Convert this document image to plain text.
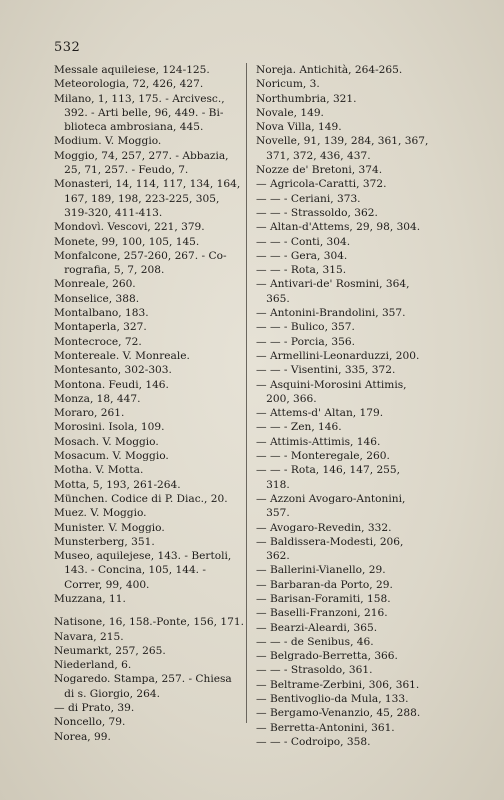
532
Messale aquileiese, 124-125.
Meteorologia, 72, 426, 427.
Milano, 1, 113, 175. - Arcivesc.,
392. - Arti belle, 96, 449. - Bi-
blioteca ambrosiana, 445.
Modium. V. Moggio.
Moggio, 74, 257, 277. - Abbazia,
25, 71, 257. - Feudo, 7.
Monasteri, 14, 114, 117, 134, 164,
167, 189, 198, 223-225, 305,
319-320, 411-413.
Mondovì. Vescovi, 221, 379.
Monete, 99, 100, 105, 145.
Monfalcone, 257-260, 267. - Co-
rografia, 5, 7, 208.
Monreale, 260.
Monselice, 388.
Montalbano, 183.
Montaperla, 327.
Montecroce, 72.
Montereale. V. Monreale.
Montesanto, 302-303.
Montona. Feudi, 146.
Monza, 18, 447.
Moraro, 261.
Morosini. Isola, 109.
Mosach. V. Moggio.
Mosacum. V. Moggio.
Motha. V. Motta.
Motta, 5, 193, 261-264.
München. Codice di P. Diac., 20.
Muez. V. Moggio.
Munister. V. Moggio.
Munsterberg, 351.
Museo, aquilejese, 143. - Bertoli,
143. - Concina, 105, 144. -
Correr, 99, 400.
Muzzana, 11.
Natisone, 16, 158.-Ponte, 156, 171.
Navara, 215.
Neumarkt, 257, 265.
Niederland, 6.
Nogaredo. Stampa, 257. - Chiesa
di s. Giorgio, 264.
— di Prato, 39.
Noncello, 79.
Norea, 99.
Noreja. Antichità, 264-265.
Noricum, 3.
Northumbria, 321.
Novale, 149.
Nova Villa, 149.
Novelle, 91, 139, 284, 361, 367,
371, 372, 436, 437.
Nozze de' Bretoni, 374.
— Agricola-Caratti, 372.
— — - Ceriani, 373.
— — - Strassoldo, 362.
— Altan-d'Attems, 29, 98, 304.
— — - Conti, 304.
— — - Gera, 304.
— — - Rota, 315.
— Antivari-de' Rosmini, 364,
365.
— Antonini-Brandolini, 357.
— — - Bulico, 357.
— — - Porcia, 356.
— Armellini-Leonarduzzi, 200.
— — - Visentini, 335, 372.
— Asquini-Morosini Attimis,
200, 366.
— Attems-d' Altan, 179.
— — - Zen, 146.
— Attimis-Attimis, 146.
— — - Monteregale, 260.
— — - Rota, 146, 147, 255,
318.
— Azzoni Avogaro-Antonini,
357.
— Avogaro-Revedin, 332.
— Baldissera-Modesti, 206,
362.
— Ballerini-Vianello, 29.
— Barbaran-da Porto, 29.
— Barisan-Foramiti, 158.
— Baselli-Franzoni, 216.
— Bearzi-Aleardi, 365.
— — - de Senibus, 46.
— Belgrado-Berretta, 366.
— — - Strasoldo, 361.
— Beltrame-Zerbini, 306, 361.
— Bentivoglio-da Mula, 133.
— Bergamo-Venanzio, 45, 288.
— Berretta-Antonini, 361.
— — - Codroipo, 358.
